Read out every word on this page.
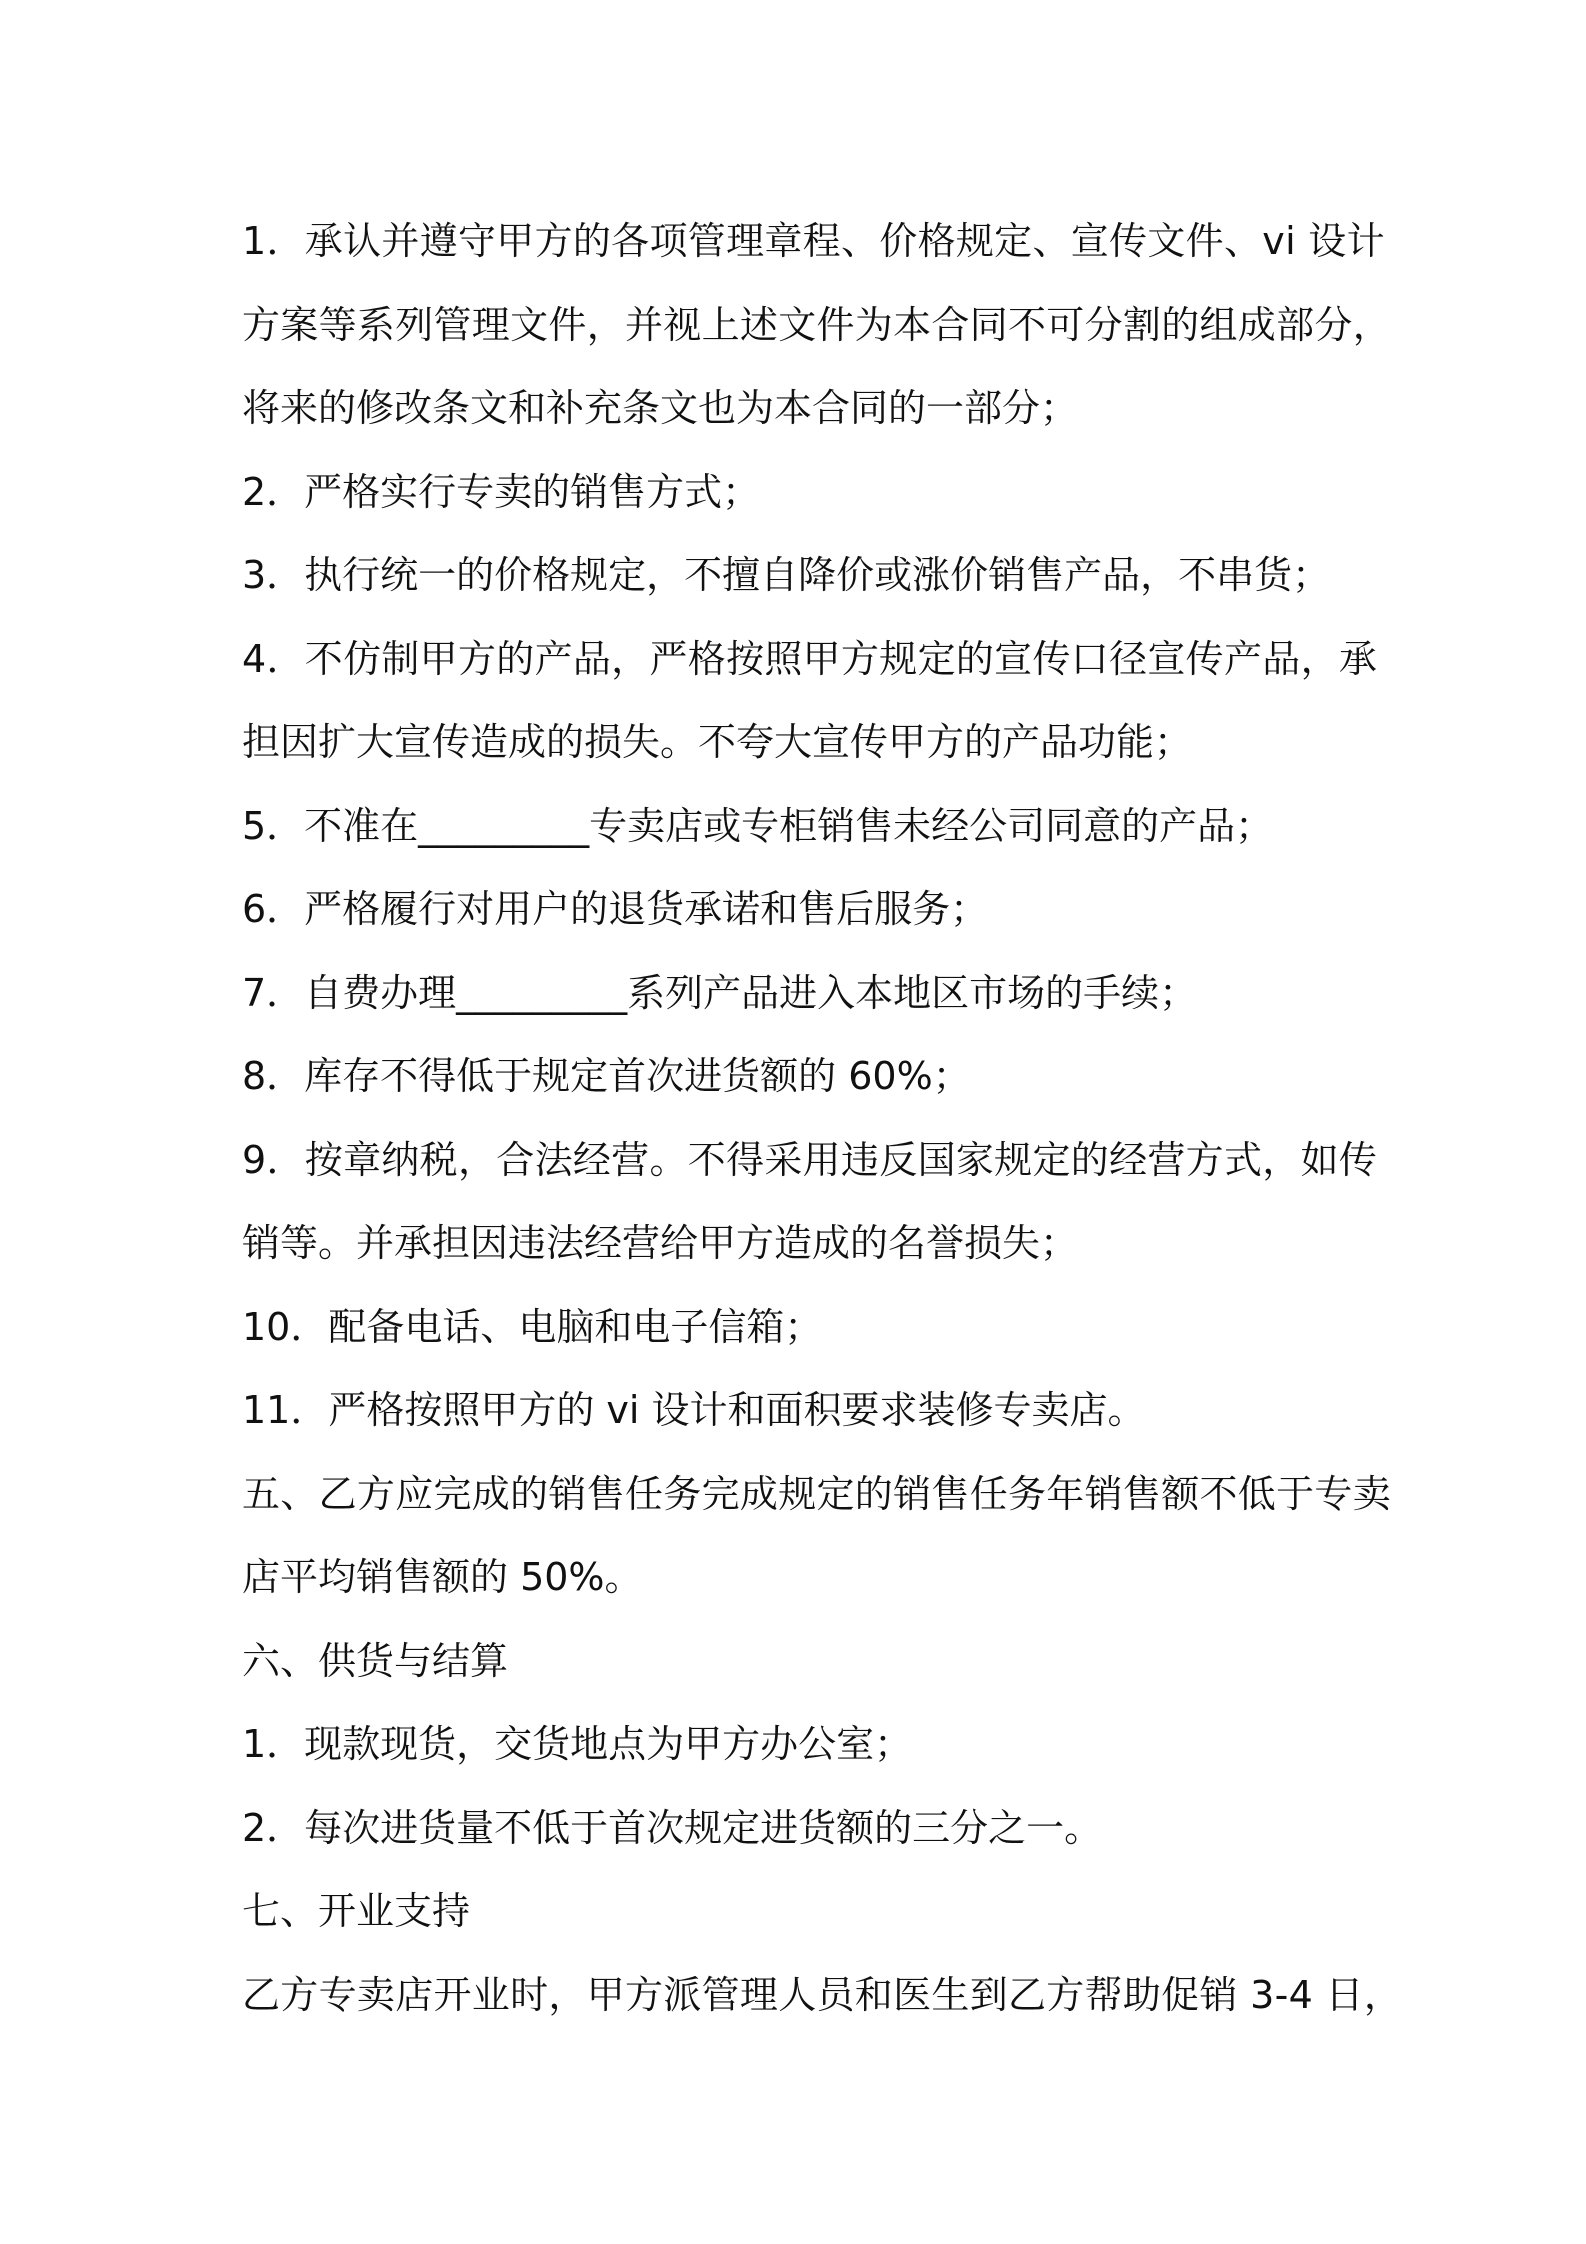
1．承认并遵守甲方的各项管理章程、价格规定、宣传文件、vi 设计
方案等系列管理文件，并视上述文件为本合同不可分割的组成部分，
将来的修改条文和补充条文也为本合同的一部分；
2．严格实行专卖的销售方式；
3．执行统一的价格规定，不擅自降价或涨价销售产品，不串货；
4．不仿制甲方的产品，严格按照甲方规定的宣传口径宣传产品，承
担因扩大宣传造成的损失。不夸大宣传甲方的产品功能；
5．不准在_________专卖店或专柜销售未经公司同意的产品；
6．严格履行对用户的退货承诺和售后服务；
7．自费办理_________系列产品进入本地区市场的手续；
8．库存不得低于规定首次进货额的 60%；
9．按章纳税，合法经营。不得采用违反国家规定的经营方式，如传
销等。并承担因违法经营给甲方造成的名誉损失；
10．配备电话、电脑和电子信箱；
11．严格按照甲方的 vi 设计和面积要求装修专卖店。
五、乙方应完成的销售任务完成规定的销售任务年销售额不低于专卖
店平均销售额的 50%。
六、供货与结算
1．现款现货，交货地点为甲方办公室；
2．每次进货量不低于首次规定进货额的三分之一。
七、开业支持
乙方专卖店开业时，甲方派管理人员和医生到乙方帮助促销 3-4 日，
